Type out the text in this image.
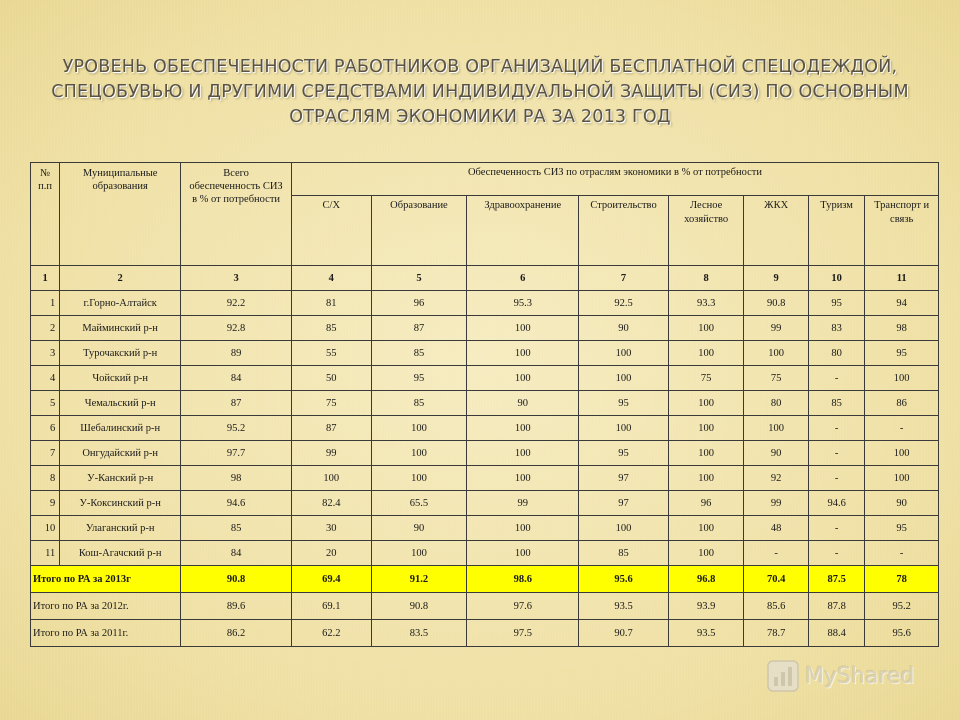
УРОВЕНЬ ОБЕСПЕЧЕННОСТИ РАБОТНИКОВ ОРГАНИЗАЦИЙ БЕСПЛАТНОЙ СПЕЦОДЕЖДОЙ,
СПЕЦОБУВЬЮ И ДРУГИМИ СРЕДСТВАМИ ИНДИВИДУАЛЬНОЙ ЗАЩИТЫ (СИЗ) ПО ОСНОВНЫМ
ОТРАСЛЯМ ЭКОНОМИКИ РА ЗА 2013 ГОД
№ п.п	Муниципальные образования	Всего обеспеченность СИЗ в % от потребности	Обеспеченность СИЗ по отраслям экономики в % от потребности							
			С/Х	Образование	Здравоохранение	Строительство	Лесное хозяйство	ЖКХ	Туризм	Транспорт и связь
1	2	3	4	5	6	7	8	9	10	11
1	г.Горно-Алтайск	92.2	81	96	95.3	92.5	93.3	90.8	95	94
2	Майминский р-н	92.8	85	87	100	90	100	99	83	98
3	Турочакский р-н	89	55	85	100	100	100	100	80	95
4	Чойский р-н	84	50	95	100	100	75	75	-	100
5	Чемальский р-н	87	75	85	90	95	100	80	85	86
6	Шебалинский р-н	95.2	87	100	100	100	100	100	-	-
7	Онгудайский р-н	97.7	99	100	100	95	100	90	-	100
8	У-Канский р-н	98	100	100	100	97	100	92	-	100
9	У-Коксинский р-н	94.6	82.4	65.5	99	97	96	99	94.6	90
10	Улаганский р-н	85	30	90	100	100	100	48	-	95
11	Кош-Агачский р-н	84	20	100	100	85	100	-	-	-
Итого по РА за 2013г		90.8	69.4	91.2	98.6	95.6	96.8	70.4	87.5	78
Итого по РА за 2012г.		89.6	69.1	90.8	97.6	93.5	93.9	85.6	87.8	95.2
Итого по РА за 2011г.		86.2	62.2	83.5	97.5	90.7	93.5	78.7	88.4	95.6
MyShared
